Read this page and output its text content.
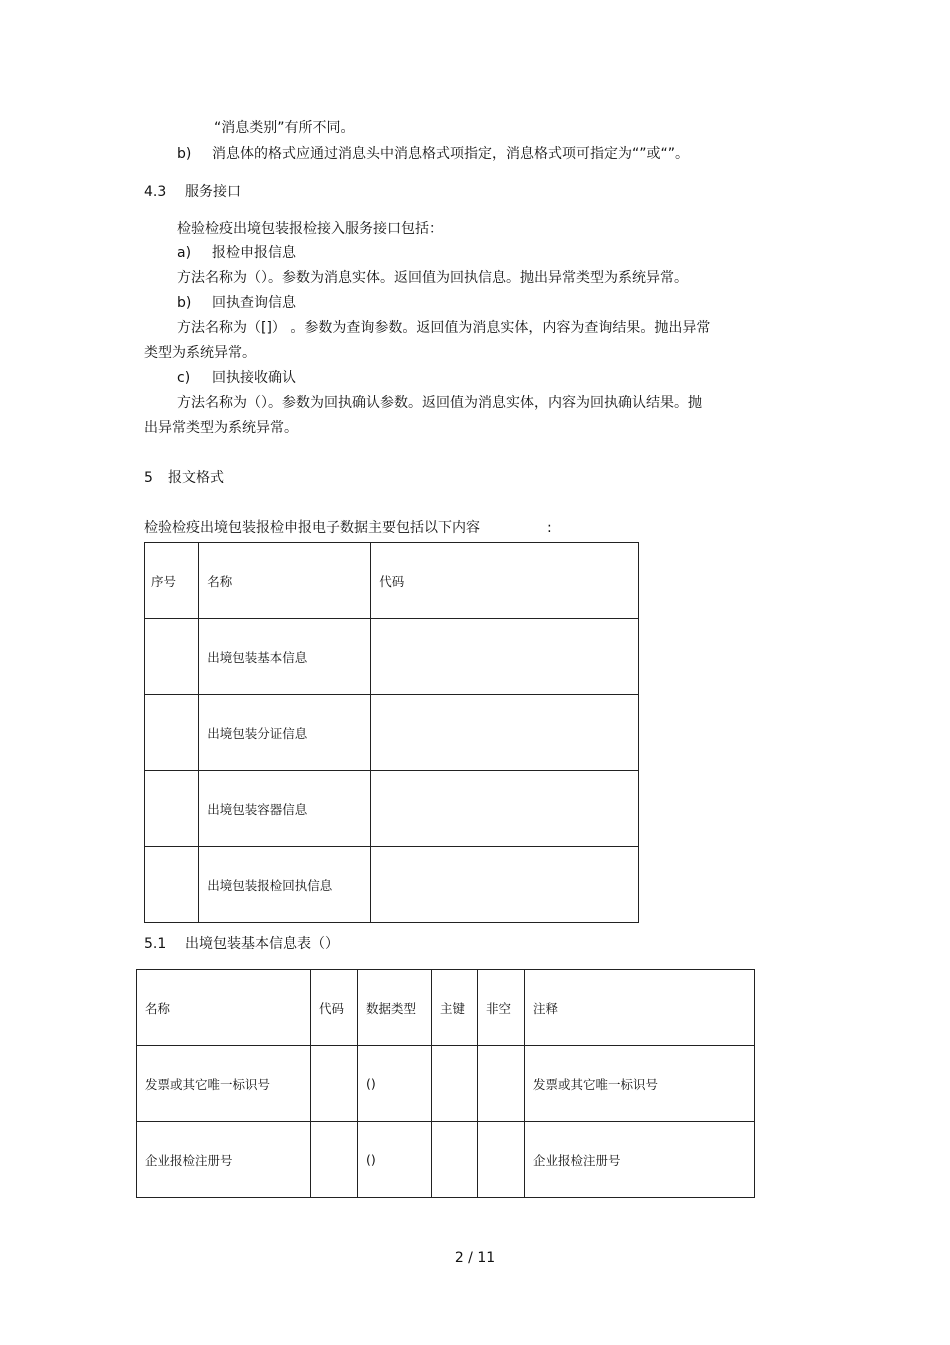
“消息类别”有所不同。
b) 消息体的格式应通过消息头中消息格式项指定，消息格式项可指定为“”或“”。
4.3 服务接口
检验检疫出境包装报检接入服务接口包括：
a) 报检申报信息
方法名称为（）。参数为消息实体。返回值为回执信息。抛出异常类型为系统异常。
b) 回执查询信息
方法名称为（[]） 。参数为查询参数。返回值为消息实体，内容为查询结果。抛出异常
类型为系统异常。
c) 回执接收确认
方法名称为（）。参数为回执确认参数。返回值为消息实体，内容为回执确认结果。抛
出异常类型为系统异常。
5 报文格式
检验检疫出境包装报检申报电子数据主要包括以下内容	:
序号	名称	代码
	出境包装基本信息	
	出境包装分证信息	
	出境包装容器信息	
	出境包装报检回执信息	
5.1 出境包装基本信息表（）
名称	代码	数据类型	主键	非空	注释
发票或其它唯一标识号		()			发票或其它唯一标识号
企业报检注册号		()			企业报检注册号
2 / 11
